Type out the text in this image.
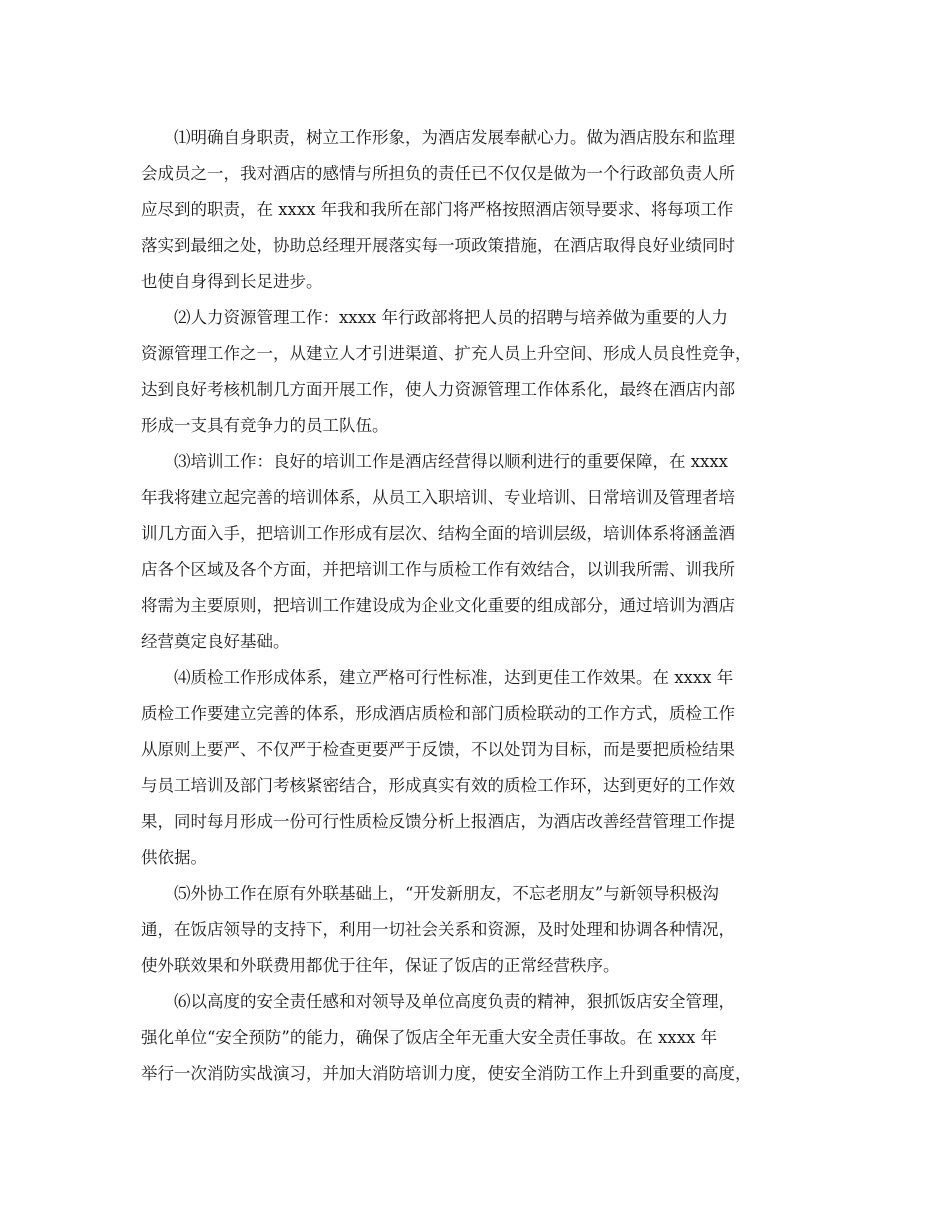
⑴明确自身职责，树立工作形象，为酒店发展奉献心力。做为酒店股东和监理
会成员之一，我对酒店的感情与所担负的责任已不仅仅是做为一个行政部负责人所
应尽到的职责，在 xxxx 年我和我所在部门将严格按照酒店领导要求、将每项工作
落实到最细之处，协助总经理开展落实每一项政策措施，在酒店取得良好业绩同时
也使自身得到长足进步。
⑵人力资源管理工作：xxxx 年行政部将把人员的招聘与培养做为重要的人力
资源管理工作之一，从建立人才引进渠道、扩充人员上升空间、形成人员良性竞争，
达到良好考核机制几方面开展工作，使人力资源管理工作体系化，最终在酒店内部
形成一支具有竞争力的员工队伍。
⑶培训工作：良好的培训工作是酒店经营得以顺利进行的重要保障，在 xxxx
年我将建立起完善的培训体系，从员工入职培训、专业培训、日常培训及管理者培
训几方面入手，把培训工作形成有层次、结构全面的培训层级，培训体系将涵盖酒
店各个区域及各个方面，并把培训工作与质检工作有效结合，以训我所需、训我所
将需为主要原则，把培训工作建设成为企业文化重要的组成部分，通过培训为酒店
经营奠定良好基础。
⑷质检工作形成体系，建立严格可行性标准，达到更佳工作效果。在 xxxx 年
质检工作要建立完善的体系，形成酒店质检和部门质检联动的工作方式，质检工作
从原则上要严、不仅严于检查更要严于反馈，不以处罚为目标，而是要把质检结果
与员工培训及部门考核紧密结合，形成真实有效的质检工作环，达到更好的工作效
果，同时每月形成一份可行性质检反馈分析上报酒店，为酒店改善经营管理工作提
供依据。
⑸外协工作在原有外联基础上，“开发新朋友，不忘老朋友”与新领导积极沟
通，在饭店领导的支持下，利用一切社会关系和资源，及时处理和协调各种情况，
使外联效果和外联费用都优于往年，保证了饭店的正常经营秩序。
⑹以高度的安全责任感和对领导及单位高度负责的精神，狠抓饭店安全管理，
强化单位“安全预防”的能力，确保了饭店全年无重大安全责任事故。在 xxxx 年
举行一次消防实战演习，并加大消防培训力度，使安全消防工作上升到重要的高度，
